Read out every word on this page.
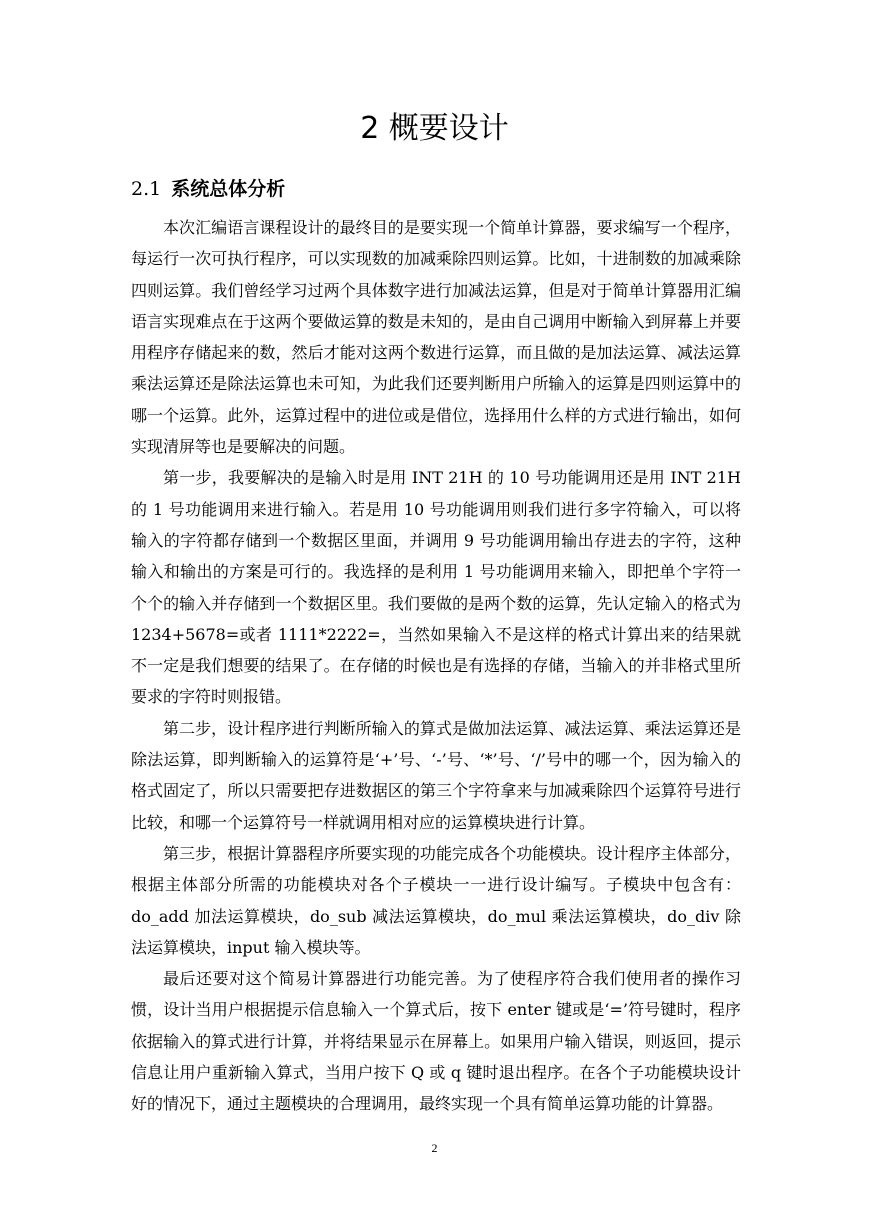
2 概要设计
2.1 系统总体分析

本次汇编语言课程设计的最终目的是要实现一个简单计算器，要求编写一个程序，每运行一次可执行程序，可以实现数的加减乘除四则运算。比如，十进制数的加减乘除四则运算。我们曾经学习过两个具体数字进行加减法运算，但是对于简单计算器用汇编语言实现难点在于这两个要做运算的数是未知的，是由自己调用中断输入到屏幕上并要用程序存储起来的数，然后才能对这两个数进行运算，而且做的是加法运算、减法运算乘法运算还是除法运算也未可知，为此我们还要判断用户所输入的运算是四则运算中的哪一个运算。此外，运算过程中的进位或是借位，选择用什么样的方式进行输出，如何实现清屏等也是要解决的问题。

第一步，我要解决的是输入时是用 INT 21H 的 10 号功能调用还是用 INT 21H 的 1 号功能调用来进行输入。若是用 10 号功能调用则我们进行多字符输入，可以将输入的字符都存储到一个数据区里面，并调用 9 号功能调用输出存进去的字符，这种输入和输出的方案是可行的。我选择的是利用 1 号功能调用来输入，即把单个字符一个个的输入并存储到一个数据区里。我们要做的是两个数的运算，先认定输入的格式为 1234+5678=或者 1111*2222=，当然如果输入不是这样的格式计算出来的结果就不一定是我们想要的结果了。在存储的时候也是有选择的存储，当输入的并非格式里所要求的字符时则报错。

第二步，设计程序进行判断所输入的算式是做加法运算、减法运算、乘法运算还是除法运算，即判断输入的运算符是‘+’号、‘-’号、‘*’号、‘/’号中的哪一个，因为输入的格式固定了，所以只需要把存进数据区的第三个字符拿来与加减乘除四个运算符号进行比较，和哪一个运算符号一样就调用相对应的运算模块进行计算。

第三步，根据计算器程序所要实现的功能完成各个功能模块。设计程序主体部分，根据主体部分所需的功能模块对各个子模块一一进行设计编写。子模块中包含有：do_add 加法运算模块，do_sub 减法运算模块，do_mul 乘法运算模块，do_div 除法运算模块，input 输入模块等。

最后还要对这个简易计算器进行功能完善。为了使程序符合我们使用者的操作习惯，设计当用户根据提示信息输入一个算式后，按下 enter 键或是‘=’符号键时，程序依据输入的算式进行计算，并将结果显示在屏幕上。如果用户输入错误，则返回，提示信息让用户重新输入算式，当用户按下 Q 或 q 键时退出程序。在各个子功能模块设计好的情况下，通过主题模块的合理调用，最终实现一个具有简单运算功能的计算器。

2
